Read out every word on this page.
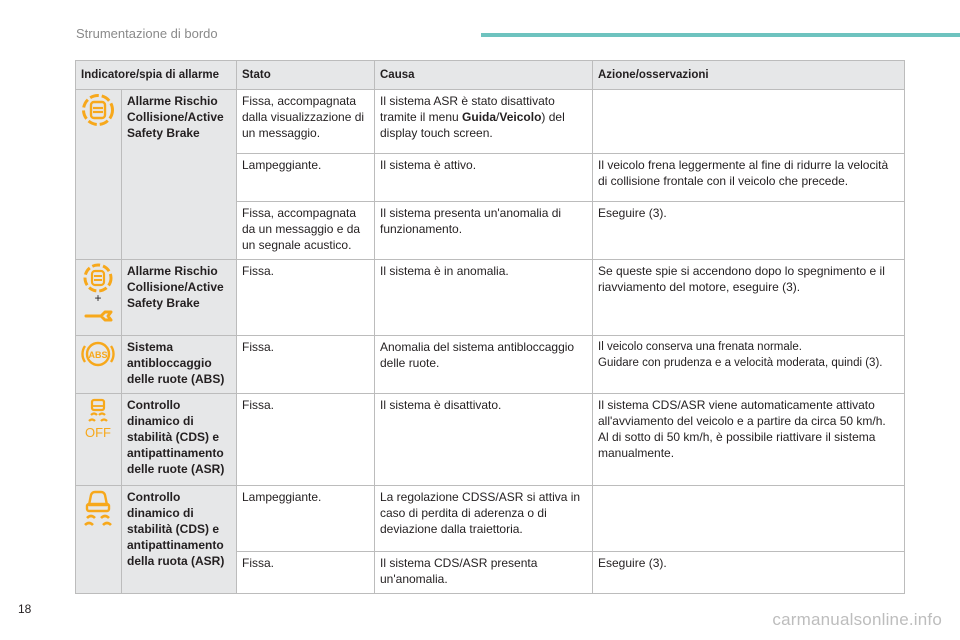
Strumentazione di bordo
Indicatore/spia di allarme		Stato	Causa	Azione/osservazioni
	Allarme Rischio Collisione/Active Safety Brake	Fissa, accompagnata dalla visualizzazione di un messaggio.	Il sistema ASR è stato disattivato tramite il menu Guida/Veicolo) del display touch screen.	
		Lampeggiante.	Il sistema è attivo.	Il veicolo frena leggermente al fine di ridurre la velocità di collisione frontale con il veicolo che precede.
		Fissa, accompagnata da un messaggio e da un segnale acustico.	Il sistema presenta un'anomalia di funzionamento.	Eseguire (3).

+	Allarme Rischio Collisione/Active Safety Brake	Fissa.	Il sistema è in anomalia.	Se queste spie si accendono dopo lo spegnimento e il riavviamento del motore, eseguire (3).

ABS	Sistema antibloccaggio delle ruote (ABS)	Fissa.	Anomalia del sistema antibloccaggio delle ruote.	Il veicolo conserva una frenata normale.
Guidare con prudenza e a velocità moderata, quindi (3).

OFF	Controllo dinamico di stabilità (CDS) e antipattinamento delle ruote (ASR)	Fissa.	Il sistema è disattivato.	Il sistema CDS/ASR viene automaticamente attivato all'avviamento del veicolo e a partire da circa 50 km/h.
Al di sotto di 50 km/h, è possibile riattivare il sistema manualmente.

	Controllo dinamico di stabilità (CDS) e antipattinamento della ruota (ASR)	Lampeggiante.	La regolazione CDSS/ASR si attiva in caso di perdita di aderenza o di deviazione dalla traiettoria.	
		Fissa.	Il sistema CDS/ASR presenta un'anomalia.	Eseguire (3).
18
carmanualsonline.info
